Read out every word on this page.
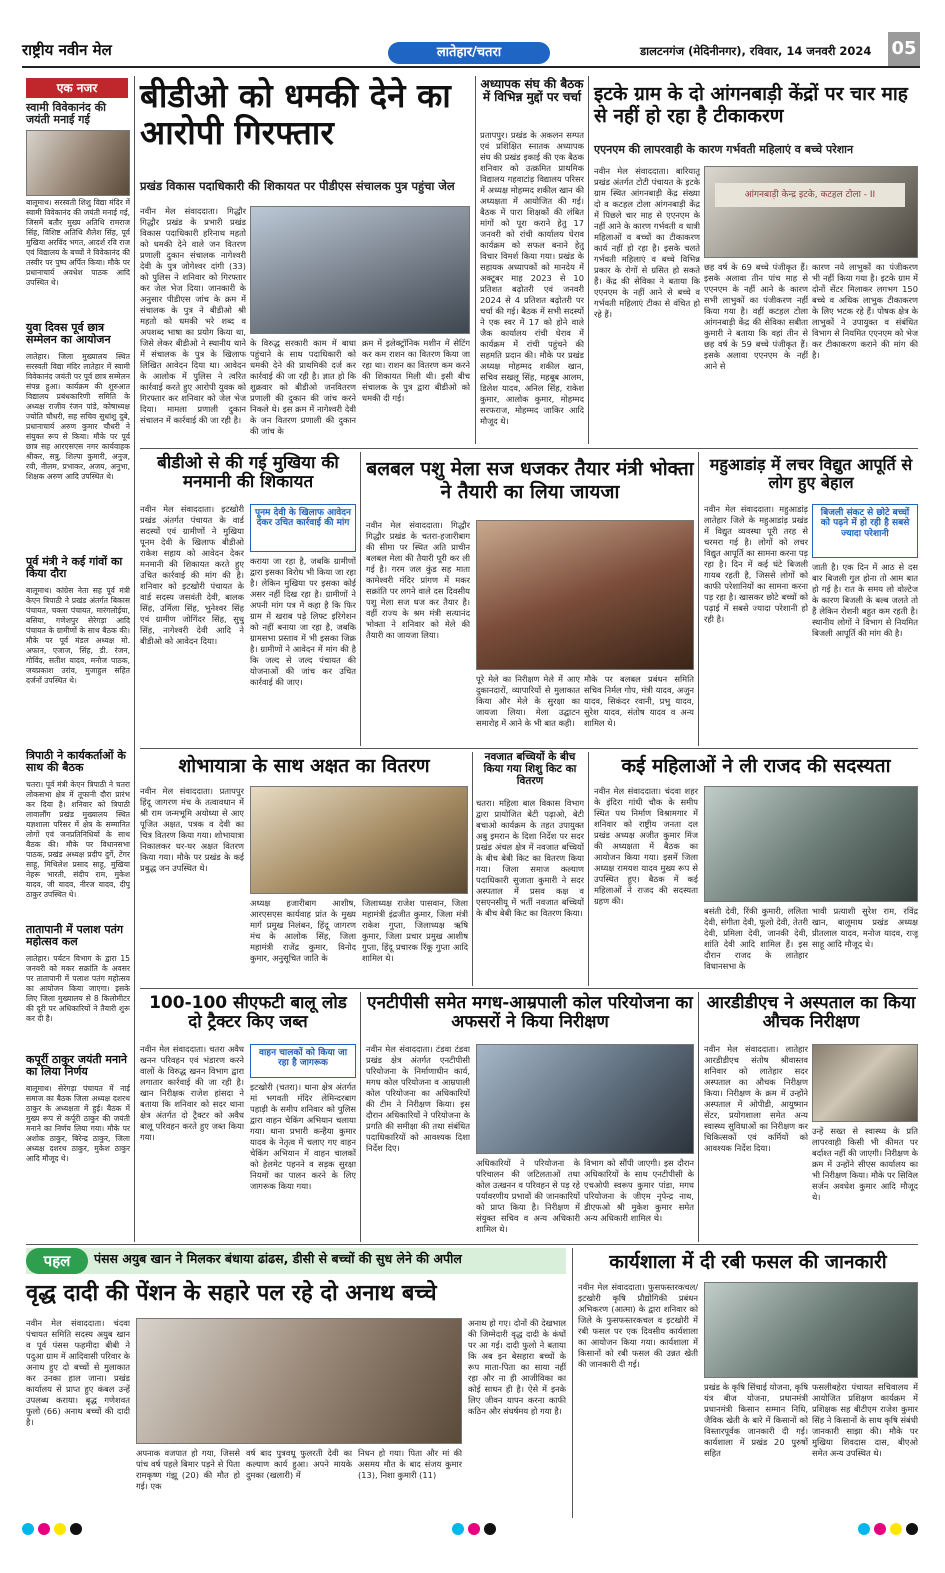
राष्ट्रीय नवीन मेल	लातेहार/चतरा	डालटनगंज (मेदिनीनगर), रविवार, 14 जनवरी 2024 05
एक नजर
स्वामी विवेकानंद की जयंती मनाई गई
बालूमाथ। सरस्वती शिशु विद्या मंदिर में स्वामी विवेकानंद की जयंती मनाई गई, जिसमें बतौर मुख्य अतिथि रामराज सिंह, विशिष्ट अतिथि शैलेश सिंह, पूर्व मुखिया अरविंद भगत, आदर्श रवि राज एवं विद्यालय के बच्चों ने विवेकानंद की तस्वीर पर पुष्प अर्पित किया। मौके पर प्रधानाचार्य अवधेश पाठक आदि उपस्थित थे।
युवा दिवस पूर्व छात्र सम्मेलन का आयोजन
लातेहार। जिला मुख्यालय स्थित सरस्वती विद्या मंदिर लातेहार में स्वामी विवेकानंद जयंती पर पूर्व छात्र सम्मेलन संपन्न हुआ। कार्यक्रम की शुरुआत विद्यालय प्रबंधकारिणी समिति के अध्यक्ष राजीव रंजन पांडे, कोषाध्यक्ष ज्योति चौधरी, सह सचिव सुधांशु दुबे, प्रधानाचार्य अरुण कुमार चौधरी ने संयुक्त रूप से किया। मौके पर पूर्व छात्र सह आरएसएस नगर कार्यवाहक श्रीकर, सत्रु, शिल्पा कुमारी, अनुज, रवी, नीलम, प्रभाकर, अजय, अनुभा, शिक्षक अरुण आदि उपस्थित थे।
पूर्व मंत्री ने कई गांवों का किया दौरा
बालूमाथ। कांग्रेस नेता सह पूर्व मंत्री केएन त्रिपाठी ने प्रखंड अंतर्गत बिकास पंचायत, चक्ला पंचायत, मारंगलोईया, बसिया, गणेशपुर सेरेगड़ा आदि पंचायत के ग्रामीणों के साथ बैठक की। मौके पर पूर्व मंडल अध्यक्ष मो. अफान, एजाज, सिंह, डी. रंजन, गोविंद, सतीश यादव, मनोज पाठक, जयप्रकाश उरांव, मुजाहुल सहित दर्जनों उपस्थित थे।
त्रिपाठी ने कार्यकर्ताओं के साथ की बैठक
चतरा। पूर्व मंत्री केएन त्रिपाठी ने चतरा लोकसभा क्षेत्र में तूफानी दौरा प्रारंभ कर दिया है। शनिवार को त्रिपाठी लावालौंग प्रखंड मुख्यालय स्थित यज्ञशाला परिसर में क्षेत्र के सम्मानित लोगों एवं जनप्रतिनिधियों के साथ बैठक की। मौके पर विधानसभा पाठक, प्रखंड अध्यक्ष प्रदीप दुर्गे, टेंगर साहू, मिथिलेश प्रसाद साहू, मुखिया नेहरू भारती, संदीप राम, मुकेश यादव, जी यादव, नीरज यादव, दीपू ठाकुर उपस्थित थे।
तातापानी में पलाश पतंग महोत्सव कल
लातेहार। पर्यटन विभाग के द्वारा 15 जनवरी को मकर सक्रांति के अवसर पर तातापानी में पलाश पतंग महोत्सव का आयोजन किया जाएगा। इसके लिए जिला मुख्यालय से 8 किलोमीटर की दूरी पर अधिकारियों ने तैयारी शुरू कर दी है।
कपूर्री ठाकुर जयंती मनाने का लिया निर्णय
बालूमाथ। सेरेगड़ा पंचायत में नाई समाज का बैठक जिला अध्यक्ष दशरथ ठाकुर के अध्यक्षता में हुई। बैठक में मुख्य रूप से कर्पूरी ठाकुर की जयंती मनाने का निर्णय लिया गया। मौके पर अशोक ठाकुर, बिरेन्द्र ठाकुर, जिला अध्यक्ष दशरथ ठाकुर, मुकेश ठाकुर आदि मौजूद थे।
बीडीओ को धमकी देने का आरोपी गिरफ्तार
प्रखंड विकास पदाधिकारी की शिकायत पर पीडीएस संचालक पुत्र पहुंचा जेल
नवीन मेल संवाददाता। गिद्धौर गिद्धौर प्रखंड के प्रभारी प्रखंड विकास पदाधिकारी हरिनाथ महतो को धमकी देने वाले जन वितरण प्रणाली दुकान संचालक नागेश्वरी देवी के पुत्र जोगेश्वर दांगी (33) को पुलिस ने शनिवार को गिरफ्तार कर जेल भेज दिया। जानकारी के अनुसार पीडीएस जांच के क्रम में संचालक के पुत्र ने बीडीओ श्री महतो को धमकी भरे शब्द व अपशब्द भाषा का प्रयोग किया था, जिसे लेकर बीडीओ ने स्थानीय थाने में संचालक के पुत्र के खिलाफ लिखित आवेदन दिया था। आवेदन के आलोक में पुलिस ने त्वरित कार्रवाई करते हुए आरोपी युवक को गिरफ्तार कर शनिवार को जेल भेज दिया। मामला प्रणाली दुकान संचालन में कार्रवाई की जा रही है।
के विरुद्ध सरकारी काम में बाधा पहुंचाने के साथ पदाधिकारी को धमकी देने की प्राथमिकी दर्ज कर कार्रवाई की जा रही है। ज्ञात हो कि शुक्रवार को बीडीओ जनवितरण प्रणाली की दुकान की जांच करने निकले थे। इस क्रम में नागेश्वरी देवी के जन वितरण प्रणाली की दुकान की जांच के
क्रम में इलेक्ट्रॉनिक मशीन में सेटिंग कर कम राशन का वितरण किया जा रहा था। राशन का वितरण कम करने की शिकायत मिली थी। इसी बीच संचालक के पुत्र द्वारा बीडीओ को धमकी दी गई।
अध्यापक संघ की बैठक में विभिन्न मुद्दों पर चर्चा
प्रतापपुर। प्रखंड के अकलन सम्पत एवं प्रशिक्षित स्नातक अध्यापक संघ की प्रखंड इकाई की एक बैठक शनिवार को उत्क्रमित प्राथमिक विद्यालय गहवाटांड़ विद्यालय परिसर में अध्यक्ष मोहम्मद शकील खान की अध्यक्षता में आयोजित की गई। बैठक में पारा शिक्षकों की लंबित मांगों को पूरा कराने हेतु 17 जनवरी को रांची कार्यालय घेराव कार्यक्रम को सफल बनाने हेतु विचार विमर्श किया गया। प्रखंड के सहायक अध्यापकों को मानदेय में अक्टूबर माह 2023 से 10 प्रतिशत बढ़ोतरी एवं जनवरी 2024 से 4 प्रतिशत बढ़ोतरी पर चर्चा की गई। बैठक में सभी सदस्यों ने एक स्वर में 17 को होने वाले जैक कार्यालय रांची घेराव में कार्यक्रम में रांची पहुंचने की सहमति प्रदान की। मौके पर प्रखंड अध्यक्ष मोहम्मद शकील खान, सचिव सखलू सिंह, महबूब आलम, डिलेश यादव, अनिल सिंह, राकेश कुमार, आलोक कुमार, मोहम्मद सरफराज, मोहम्मद जाकिर आदि मौजूद थे।
इटके ग्राम के दो आंगनबाड़ी केंद्रों पर चार माह से नहीं हो रहा है टीकाकरण
एएनएम की लापरवाही के कारण गर्भवती महिलाएं व बच्चे परेशान
नवीन मेल संवाददाता। बारियातू प्रखंड अंतर्गत टोटी पंचायत के इटके ग्राम स्थित आंगनबाड़ी केंद्र संख्या दो व कटहल टोला आंगनबाड़ी केंद्र में पिछले चार माह से एएनएम के नहीं आने के कारण गर्भवती व धात्री महिलाओं व बच्चों का टीकाकरण कार्य नहीं हो रहा है। इसके चलते गर्भवती महिलाएं व बच्चे विभिन्न प्रकार के रोगों से ग्रसित हो सकते हैं। केंद्र की सेविका ने बताया कि एएनएम के नहीं आने से बच्चे व गर्भवती महिलाएं टीका से वंचित हो रहे हैं।
आंगनबाड़ी केन्द्र इटके, कटहल टोला - II
छह वर्ष के 69 बच्चे पंजीकृत हैं। इसके अलावा तीन पांच माह से एएनएम के नहीं आने के कारण सभी लाभुकों का पंजीकरण नहीं किया गया है। वहीं कटहल टोला आंगनबाड़ी केंद्र की सेविका सबीता कुमारी ने बताया कि वहां तीन से छह वर्ष के 59 बच्चे पंजीकृत हैं। इसके अलावा एएनएम के नहीं आने से
कारण नये लाभुकों का पंजीकरण भी नहीं किया गया है। इटके ग्राम में दोनों सेंटर मिलाकर लगभग 150 बच्चे व अधिक लाभुक टीकाकरण के लिए भटक रहे हैं। पोषक क्षेत्र के लाभुकों ने उपायुक्त व संबंधित विभाग से नियमित एएनएम को भेज कर टीकाकरण कराने की मांग की है।
बीडीओ से की गई मुखिया की मनमानी की शिकायत
नवीन मेल संवाददाता। इटखोरी प्रखंड अंतर्गत पंचायत के वार्ड सदस्यों एवं ग्रामीणों ने मुखिया पूनम देवी के खिलाफ बीडीओ राकेश सहाय को आवेदन देकर मनमानी की शिकायत करते हुए उचित कार्रवाई की मांग की है। शनिवार को इटखोरी पंचायत के वार्ड सदस्य जसवंती देवी, बालक सिंह, उर्मिला सिंह, भुनेश्वर सिंह एवं ग्रामीण जोगिंदर सिंह, सुधु सिंह, नागेश्वरी देवी आदि ने बीडीओ को आवेदन दिया।
पूनम देवी के खिलाफ आवेदन देकर उचित कार्रवाई की मांग
कराया जा रहा है, जबकि ग्रामीणों द्वारा इसका विरोध भी किया जा रहा है। लेकिन मुखिया पर इसका कोई असर नहीं दिख रहा है। ग्रामीणों ने अपनी मांग पत्र में कहा है कि फिर ग्राम में खराब पड़े लिफ्ट इरिगेशन को नहीं बनाया जा रहा है, जबकि ग्रामसभा प्रस्ताव में भी इसका जिक्र है। ग्रामीणों ने आवेदन में मांग की है कि जल्द से जल्द पंचायत की योजनाओं की जांच कर उचित कार्रवाई की जाए।
बलबल पशु मेला सज धजकर तैयार मंत्री भोक्ता ने तैयारी का लिया जायजा
नवीन मेल संवाददाता। गिद्धौर गिद्धौर प्रखंड के चतरा-हजारीबाग की सीमा पर स्थित अति प्राचीन बलबल मेला की तैयारी पूरी कर ली गई है। गरम जल कुंड सह माता कामेश्वरी मंदिर प्रांगण में मकर सक्रांति पर लगने वाले दस दिवसीय पशु मेला सज धज कर तैयार है। वहीं राज्य के श्रम मंत्री सत्यानंद भोक्ता ने शनिवार को मेले की तैयारी का जायजा लिया।
पूरे मेले का निरीक्षण मेले में आए दुकानदारों, व्यापारियों से मुलाकात किया और मेले के सुरक्षा का जायजा लिया। मेला उद्घाटन समारोह में आने के भी बात कही।
मौके पर बलबल प्रबंधन समिति सचिव निर्मल गोप, मंत्री यादव, अजुन यादव, सिकंदर रवानी, प्रभु यादव, सुरेश यादव, संतोष यादव व अन्य शामिल थे।
महुआडांड़ में लचर विद्युत आपूर्ति से लोग हुए बेहाल
नवीन मेल संवाददाता। महुआडांड़ लातेहार जिले के महुआडांड़ प्रखंड में विद्युत व्यवस्था पूरी तरह से चरमरा गई है। लोगों को लचर विद्युत आपूर्ति का सामना करना पड़ रहा है। दिन में कई घंटे बिजली गायब रहती है, जिससे लोगों को काफी परेशानियों का सामना करना पड़ रहा है। खासकर छोटे बच्चों को पढ़ाई में सबसे ज्यादा परेशानी हो रही है।
बिजली संकट से छोटे बच्चों को पढ़ने में हो रही है सबसे ज्यादा परेशानी
जाती है। एक दिन में आठ से दस बार बिजली गुल होना तो आम बात हो गई है। रात के समय लो वोल्टेज के कारण बिजली के बल्ब जलते तो हैं लेकिन रोशनी बहुत कम रहती है। स्थानीय लोगों ने विभाग से नियमित बिजली आपूर्ति की मांग की है।
शोभायात्रा के साथ अक्षत का वितरण
नवीन मेल संवाददाता। प्रतापपुर हिंदू जागरण मंच के तत्वावधान में श्री राम जन्मभूमि अयोध्या से आए पूजित अक्षत, पत्रक व देवी का चित्र वितरण किया गया। शोभायात्रा निकालकर घर-घर अक्षत वितरण किया गया। मौके पर प्रखंड के कई प्रबुद्ध जन उपस्थित थे।
अध्यक्ष हजारीबाग आशीष, आरएसएस कार्यवाह प्रांत के मुख्य मार्ग प्रमुख निलंबन, हिंदू जागरण मंच के आलोक सिंह, जिला महामंत्री राजेंद्र कुमार, विनोद कुमार, अनुसूचित जाति के
जिलाध्यक्ष राजेश पासवान, जिला महामंत्री इंद्रजीत कुमार, जिला मंत्री राकेश गुप्ता, जिलाध्यक्ष ऋषि कुमार, जिला प्रचार प्रमुख आशीष गुप्ता, हिंदू प्रचारक रिंकू गुप्ता आदि शामिल थे।
नवजात बच्चियों के बीच किया गया शिशु किट का वितरण
चतरा। महिला बाल विकास विभाग द्वारा प्रायोजित बेटी पढ़ाओ, बेटी बचाओ कार्यक्रम के तहत उपायुक्त अबु इमरान के दिशा निर्देश पर सदर प्रखंड अंचल क्षेत्र में नवजात बच्चियों के बीच बेबी किट का वितरण किया गया। जिला समाज कल्याण पदाधिकारी सुजाता कुमारी ने सदर अस्पताल में प्रसव कक्ष व एसएनसीयू में भर्ती नवजात बच्चियों के बीच बेबी किट का वितरण किया।
कई महिलाओं ने ली राजद की सदस्यता
नवीन मेल संवाददाता। चंदवा शहर के इंदिरा गांधी चौक के समीप स्थित पथ निर्माण विश्रामगार में शनिवार को राष्ट्रीय जनता दल प्रखंड अध्यक्ष अजीत कुमार मिंज की अध्यक्षता में बैठक का आयोजन किया गया। इसमें जिला अध्यक्ष रामयश यादव मुख्य रूप से उपस्थित हुए। बैठक में कई महिलाओं ने राजद की सदस्यता ग्रहण की।
बसंती देवी, रिंकी कुमारी, ललिता देवी, संगीता देवी, फूलो देवी, तेतरी देवी, प्रमिला देवी, जानकी देवी, शांति देवी आदि शामिल हैं। इस दौरान राजद के लातेहार विधानसभा के
भावी प्रत्याशी सुरेश राम, रविंद्र खान, बालूमाथ प्रखंड अध्यक्ष प्रीतलाल यादव, मनोज यादव, राजू साहू आदि मौजूद थे।
100-100 सीएफटी बालू लोड दो ट्रैक्टर किए जब्त
नवीन मेल संवाददाता। चतरा अवैध खनन परिवहन एवं भंडारण करने वालों के विरुद्ध खनन विभाग द्वारा लगातार कार्रवाई की जा रही है। खान निरीक्षक राजेश हांसदा ने बताया कि शनिवार को सदर थाना क्षेत्र अंतर्गत दो ट्रैक्टर को अवैध बालू परिवहन करते हुए जब्त किया गया।
वाहन चालकों को किया जा रहा है जागरूक
इटखोरी (चतरा)। थाना क्षेत्र अंतर्गत मां भगवती मंदिर लेमिन्दरबाग पहाड़ी के समीप शनिवार को पुलिस द्वारा वाहन चेकिंग अभियान चलाया गया। थाना प्रभारी कन्हैया कुमार यादव के नेतृत्व में चलाए गए वाहन चेकिंग अभियान में वाहन चालकों को हेलमेट पहनने व सड़क सुरक्षा नियमों का पालन करने के लिए जागरूक किया गया।
एनटीपीसी समेत मगध-आम्रपाली कोल परियोजना का अफसरों ने किया निरीक्षण
नवीन मेल संवाददाता। टंडवा टंडवा प्रखंड क्षेत्र अंतर्गत एनटीपीसी परियोजना के निर्माणाधीन कार्य, मगध कोल परियोजना व आम्रपाली कोल परियोजना का अधिकारियों की टीम ने निरीक्षण किया। इस दौरान अधिकारियों ने परियोजना के प्रगति की समीक्षा की तथा संबंधित पदाधिकारियों को आवश्यक दिशा निर्देश दिए।
अधिकारियों ने परियोजना के परिचालन की जटिलताओं तथा कोल उत्खनन व परिवहन से पड़ रहे पर्यावरणीय प्रभावों की जानकारियों को प्राप्त किया है। निरीक्षण में संयुक्त सचिव व अन्य अधिकारी शामिल थे।
विभाग को सौंपी जाएगी। इस दौरान अधिकारियों के साथ एनटीपीसी के एचओपी स्वरूप कुमार पांडा, मगध परियोजना के जीएम नृपेन्द्र नाथ, डीएफओ श्री मुकेश कुमार समेत अन्य अधिकारी शामिल थे।
आरडीडीएच ने अस्पताल का किया औचक निरीक्षण
नवीन मेल संवाददाता। लातेहार आरडीडीएच संतोष श्रीवास्तव शनिवार को लातेहार सदर अस्पताल का औचक निरीक्षण किया। निरीक्षण के क्रम में उन्होंने अस्पताल में ओपीडी, आयुष्मान सेंटर, प्रयोगशाला समेत अन्य स्वास्थ्य सुविधाओं का निरीक्षण कर चिकित्सकों एवं कर्मियों को आवश्यक निर्देश दिया।
उन्हें सख्त से स्वास्थ्य के प्रति लापरवाही किसी भी कीमत पर बर्दाश्त नहीं की जाएगी। निरीक्षण के क्रम में उन्होंने सीएस कार्यालय का भी निरीक्षण किया। मौके पर सिविल सर्जन अवधेश कुमार आदि मौजूद थे।
पहल	पंसस अयुब खान ने मिलकर बंधाया ढांढस, डीसी से बच्चों की सुध लेने की अपील
वृद्ध दादी की पेंशन के सहारे पल रहे दो अनाथ बच्चे
नवीन मेल संवाददाता। चंदवा पंचायत समिति सदस्य अयुब खान व पूर्व पंसस फहमीदा बीबी ने पदुआ ग्राम में आदिवासी परिवार के अनाथ हुए दो बच्चों से मुलाकात कर उनका हाल जाना। प्रखंड कार्यालय से प्राप्त हुए कंबल उन्हें उपलब्ध कराया। बृद्ध गणेशवत फुलो (66) अनाथ बच्चों की दादी है।
अपनाक वजपात हो गया, जिससे पांच वर्ष पहले बिमार पड़ने से पिता रामकृष्ण गंझू (20) की मौत हो गई। एक
वर्ष बाद पुत्रवधू फुलरती देवी का कल्याण कार्य हुआ। अपने मायके दुमका (खलारी) में
निधन हो गया। पिता और मां की असमय मौत के बाद संजय कुमार (13), निशा कुमारी (11)
अनाथ हो गए। दोनों की देखभाल की जिम्मेदारी वृद्ध दादी के कंधों पर आ गई। दादी फुलो ने बताया कि अब इन बेसहारा बच्चों के रूप माता-पिता का साया नहीं रहा और ना ही आजीविका का कोई साधन ही है। ऐसे में इनके लिए जीवन यापन करना काफी कठिन और संघर्षमय हो गया है।
कार्यशाला में दी रबी फसल की जानकारी
नवीन मेल संवाददाता। फुसफस्तरकचल/इटखोरी कृषि प्रौद्योगिकी प्रबंधन अभिकरण (आत्मा) के द्वारा शनिवार को जिले के फुसफस्तरकचल व इटखोरी में रबी फसल पर एक दिवसीय कार्यशाला का आयोजन किया गया। कार्यशाला में किसानों को रबी फसल की उन्नत खेती की जानकारी दी गई।
प्रखंड के कृषि सिंचाई योजना, कृषि यंत्र बीज योजना, प्रधानमंत्री प्रधानमंत्री किसान सम्मान निधि, जैविक खेती के बारे में किसानों को विस्तारपूर्वक जानकारी दी गई। कार्यशाला में प्रखंड 20 पुरुषों सहित
फसलीबहेरा पंचायत सचिवालय में आयोजित प्रशिक्षण कार्यक्रम में प्रशिक्षक सह बीटीएम राजेश कुमार सिंह ने किसानों के साथ कृषि संबंधी जानकारी साझा की। मौके पर मुखिया शिवदास दास, बीएओ समेत अन्य उपस्थित थे।
